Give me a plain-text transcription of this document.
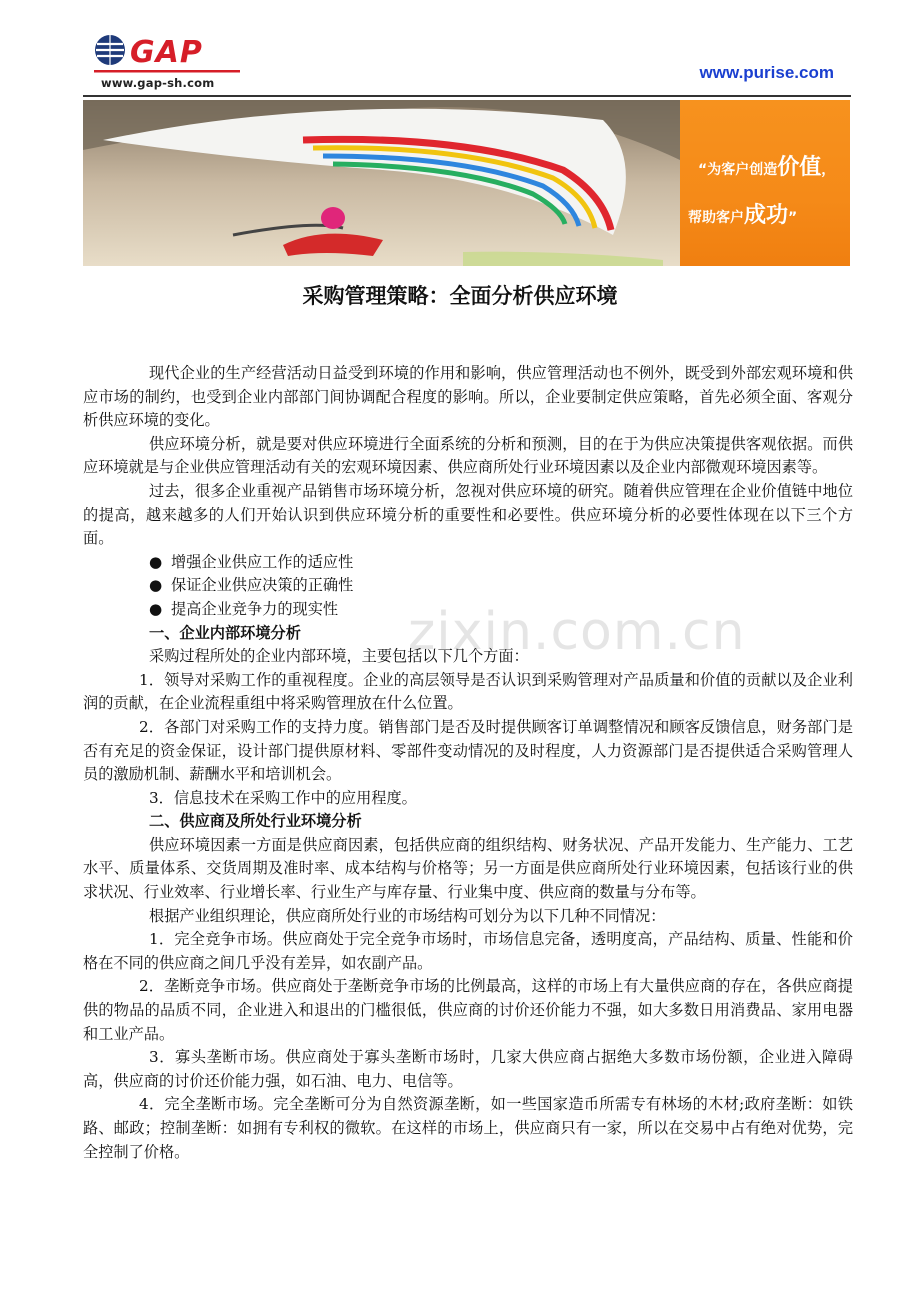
GAP
www.gap-sh.com
www.purise.com
“为客户创造价值，
帮助客户成功”
采购管理策略：全面分析供应环境
zixin.com.cn

现代企业的生产经营活动日益受到环境的作用和影响，供应管理活动也不例外，既受到外部宏观环境和供应市场的制约，也受到企业内部部门间协调配合程度的影响。所以，企业要制定供应策略，首先必须全面、客观分析供应环境的变化。

供应环境分析，就是要对供应环境进行全面系统的分析和预测，目的在于为供应决策提供客观依据。而供应环境就是与企业供应管理活动有关的宏观环境因素、供应商所处行业环境因素以及企业内部微观环境因素等。

过去，很多企业重视产品销售市场环境分析，忽视对供应环境的研究。随着供应管理在企业价值链中地位的提高，越来越多的人们开始认识到供应环境分析的重要性和必要性。供应环境分析的必要性体现在以下三个方面。

● 增强企业供应工作的适应性

● 保证企业供应决策的正确性

● 提高企业竞争力的现实性

一、企业内部环境分析

采购过程所处的企业内部环境，主要包括以下几个方面：

1．领导对采购工作的重视程度。企业的高层领导是否认识到采购管理对产品质量和价值的贡献以及企业利润的贡献，在企业流程重组中将采购管理放在什么位置。

2．各部门对采购工作的支持力度。销售部门是否及时提供顾客订单调整情况和顾客反馈信息，财务部门是否有充足的资金保证，设计部门提供原材料、零部件变动情况的及时程度，人力资源部门是否提供适合采购管理人员的激励机制、薪酬水平和培训机会。

3．信息技术在采购工作中的应用程度。

二、供应商及所处行业环境分析

供应环境因素一方面是供应商因素，包括供应商的组织结构、财务状况、产品开发能力、生产能力、工艺水平、质量体系、交货周期及准时率、成本结构与价格等；另一方面是供应商所处行业环境因素，包括该行业的供求状况、行业效率、行业增长率、行业生产与库存量、行业集中度、供应商的数量与分布等。

根据产业组织理论，供应商所处行业的市场结构可划分为以下几种不同情况：

1．完全竞争市场。供应商处于完全竞争市场时，市场信息完备，透明度高，产品结构、质量、性能和价格在不同的供应商之间几乎没有差异，如农副产品。

2．垄断竞争市场。供应商处于垄断竞争市场的比例最高，这样的市场上有大量供应商的存在，各供应商提供的物品的品质不同，企业进入和退出的门槛很低，供应商的讨价还价能力不强，如大多数日用消费品、家用电器和工业产品。

3．寡头垄断市场。供应商处于寡头垄断市场时，几家大供应商占据绝大多数市场份额，企业进入障碍高，供应商的讨价还价能力强，如石油、电力、电信等。

4．完全垄断市场。完全垄断可分为自然资源垄断，如一些国家造币所需专有林场的木材;政府垄断：如铁路、邮政；控制垄断：如拥有专利权的微软。在这样的市场上，供应商只有一家，所以在交易中占有绝对优势，完全控制了价格。
